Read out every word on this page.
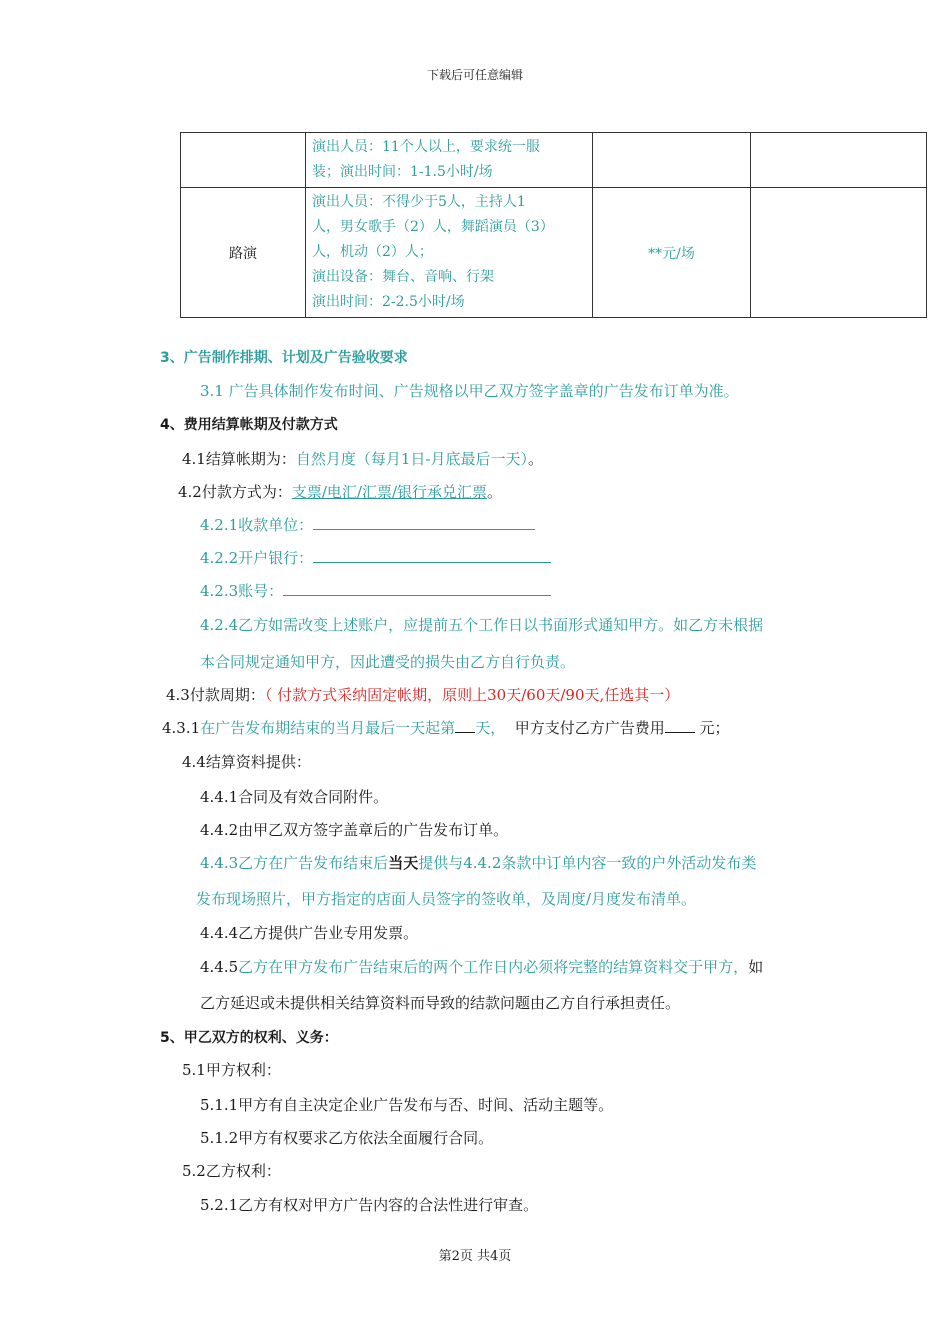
下载后可任意编辑

	演出人员：11个人以上，要求统一服
装；演出时间：1-1.5小时/场		

路演	演出人员：不得少于5人，主持人1
人，男女歌手（2）人，舞蹈演员（3）
人，机动（2）人；
演出设备：舞台、音响、行架
演出时间：2-2.5小时/场	**元/场	
3、广告制作排期、计划及广告验收要求
3.1 广告具体制作发布时间、广告规格以甲乙双方签字盖章的广告发布订单为准。
4、费用结算帐期及付款方式
4.1结算帐期为：自然月度（每月1日-月底最后一天）。
4.2付款方式为：支票/电汇/汇票/银行承兑汇票。
4.2.1收款单位：
4.2.2开户银行：
4.2.3账号：
4.2.4乙方如需改变上述账户，应提前五个工作日以书面形式通知甲方。如乙方未根据
本合同规定通知甲方，因此遭受的损失由乙方自行负责。
4.3付款周期：（ 付款方式采纳固定帐期，原则上30天/60天/90天,任选其一）
4.3.1在广告发布期结束的当月最后一天起第 天， 甲方支付乙方广告费用 元；
4.4结算资料提供：
4.4.1合同及有效合同附件。
4.4.2由甲乙双方签字盖章后的广告发布订单。
4.4.3乙方在广告发布结束后当天提供与4.4.2条款中订单内容一致的户外活动发布类
发布现场照片，甲方指定的店面人员签字的签收单，及周度/月度发布清单。
4.4.4乙方提供广告业专用发票。
4.4.5乙方在甲方发布广告结束后的两个工作日内必须将完整的结算资料交于甲方，如
乙方延迟或未提供相关结算资料而导致的结款问题由乙方自行承担责任。
5、甲乙双方的权利、义务：
5.1甲方权利：
5.1.1甲方有自主决定企业广告发布与否、时间、活动主题等。
5.1.2甲方有权要求乙方依法全面履行合同。
5.2乙方权利：
5.2.1乙方有权对甲方广告内容的合法性进行审查。
第2页 共4页
